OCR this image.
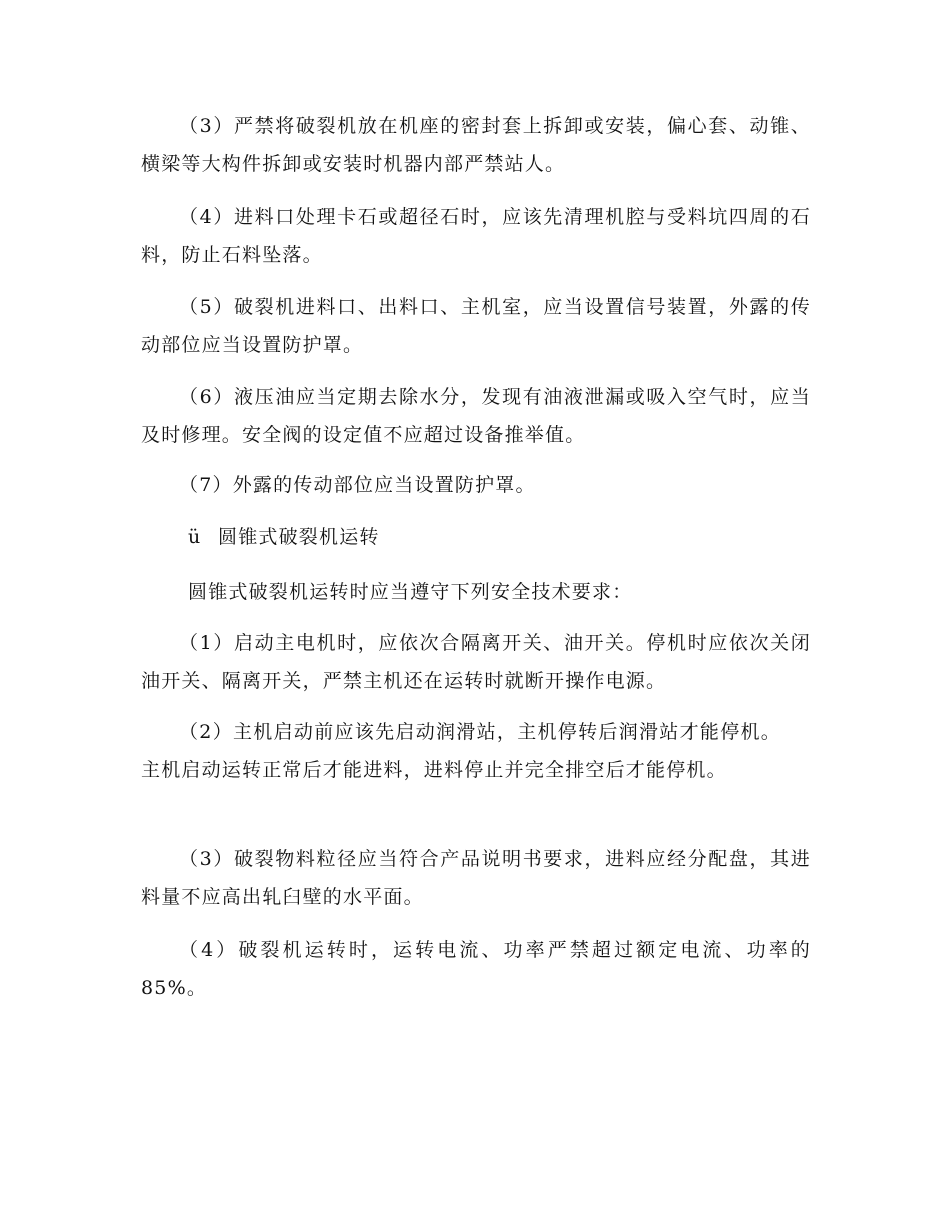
（3）严禁将破裂机放在机座的密封套上拆卸或安装，偏心套、动锥、横梁等大构件拆卸或安装时机器内部严禁站人。

（4）进料口处理卡石或超径石时，应该先清理机腔与受料坑四周的石料，防止石料坠落。

（5）破裂机进料口、出料口、主机室，应当设置信号装置，外露的传动部位应当设置防护罩。

（6）液压油应当定期去除水分，发现有油液泄漏或吸入空气时，应当及时修理。安全阀的设定值不应超过设备推举值。

（7）外露的传动部位应当设置防护罩。

ü 圆锥式破裂机运转

圆锥式破裂机运转时应当遵守下列安全技术要求：

（1）启动主电机时，应依次合隔离开关、油开关。停机时应依次关闭油开关、隔离开关，严禁主机还在运转时就断开操作电源。

（2）主机启动前应该先启动润滑站，主机停转后润滑站才能停机。主机启动运转正常后才能进料，进料停止并完全排空后才能停机。

（3）破裂物料粒径应当符合产品说明书要求，进料应经分配盘，其进料量不应高出轧臼壁的水平面。

（4）破裂机运转时，运转电流、功率严禁超过额定电流、功率的85%。
